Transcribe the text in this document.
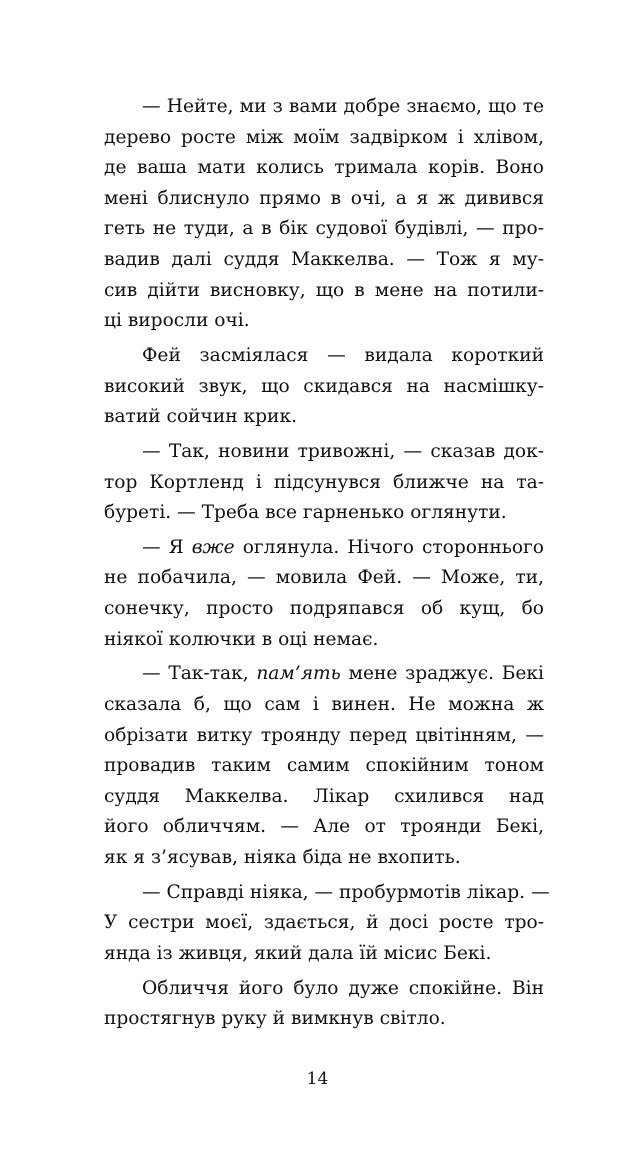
— Нейте, ми з вами добре знаємо, що те
дерево росте між моїм задвірком і хлівом,
де ваша мати колись тримала корів. Воно
мені блиснуло прямо в очі, а я ж дивився
геть не туди, а в бік судової будівлі, — про-
вадив далі суддя Маккелва. — Тож я му-
сив дійти висновку, що в мене на потили-
ці виросли очі.
Фей засміялася — видала короткий
високий звук, що скидався на насмішку-
ватий сойчин крик.
— Так, новини тривожні, — сказав док-
тор Кортленд і підсунувся ближче на та-
буреті. — Треба все гарненько оглянути.
— Я вже оглянула. Нічого стороннього
не побачила, — мовила Фей. — Може, ти,
сонечку, просто подряпався об кущ, бо
ніякої колючки в оці немає.
— Так-так, пам’ять мене зраджує. Бекі
сказала б, що сам і винен. Не можна ж
обрізати витку троянду перед цвітінням, —
провадив таким самим спокійним тоном
суддя Маккелва. Лікар схилився над
його обличчям. — Але от троянди Бекі,
як я з’ясував, ніяка біда не вхопить.
— Справді ніяка, — пробурмотів лікар. —
У сестри моєї, здається, й досі росте тро-
янда із живця, який дала їй місис Бекі.
Обличчя його було дуже спокійне. Він
простягнув руку й вимкнув світло.
14
